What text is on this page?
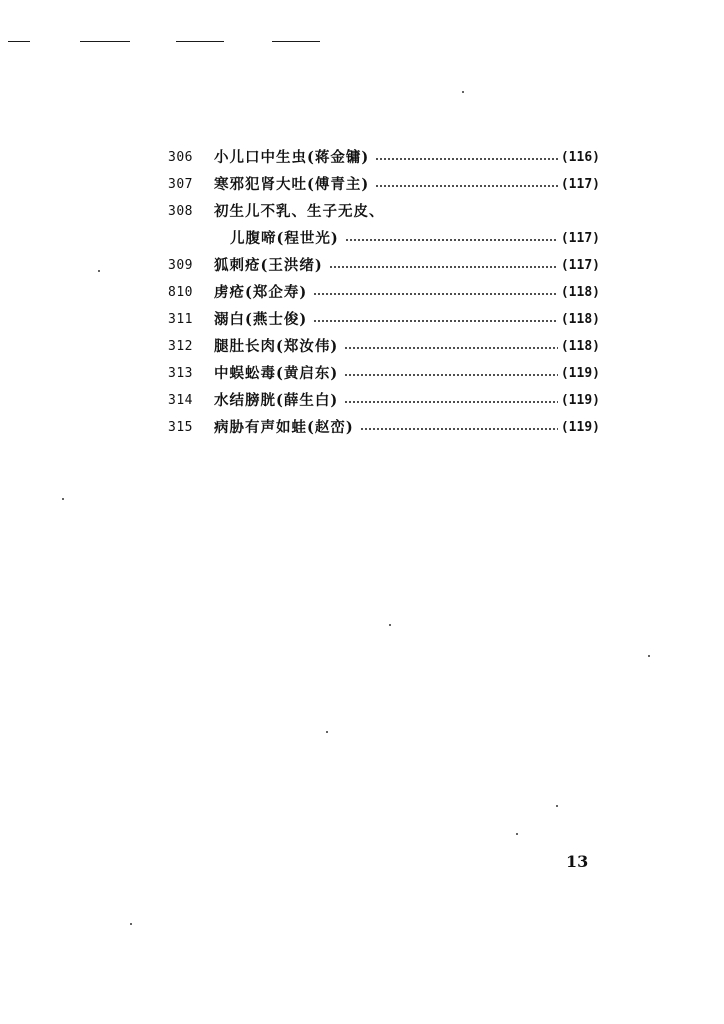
306	小儿口中生虫(蒋金镛)	(116)
307	寒邪犯肾大吐(傅青主)	(117)
308	初生儿不乳、生子无皮、
儿腹啼(程世光)	(117)
309	狐刺疮(王洪绪)	(117)
810	虏疮(郑企寿)	(118)
311	溺白(燕士俊)	(118)
312	腿肚长肉(郑汝伟)	(118)
313	中蜈蚣毒(黄启东)	(119)
314	水结膀胱(薛生白)	(119)
315	病胁有声如蛙(赵峦)	(119)
13
